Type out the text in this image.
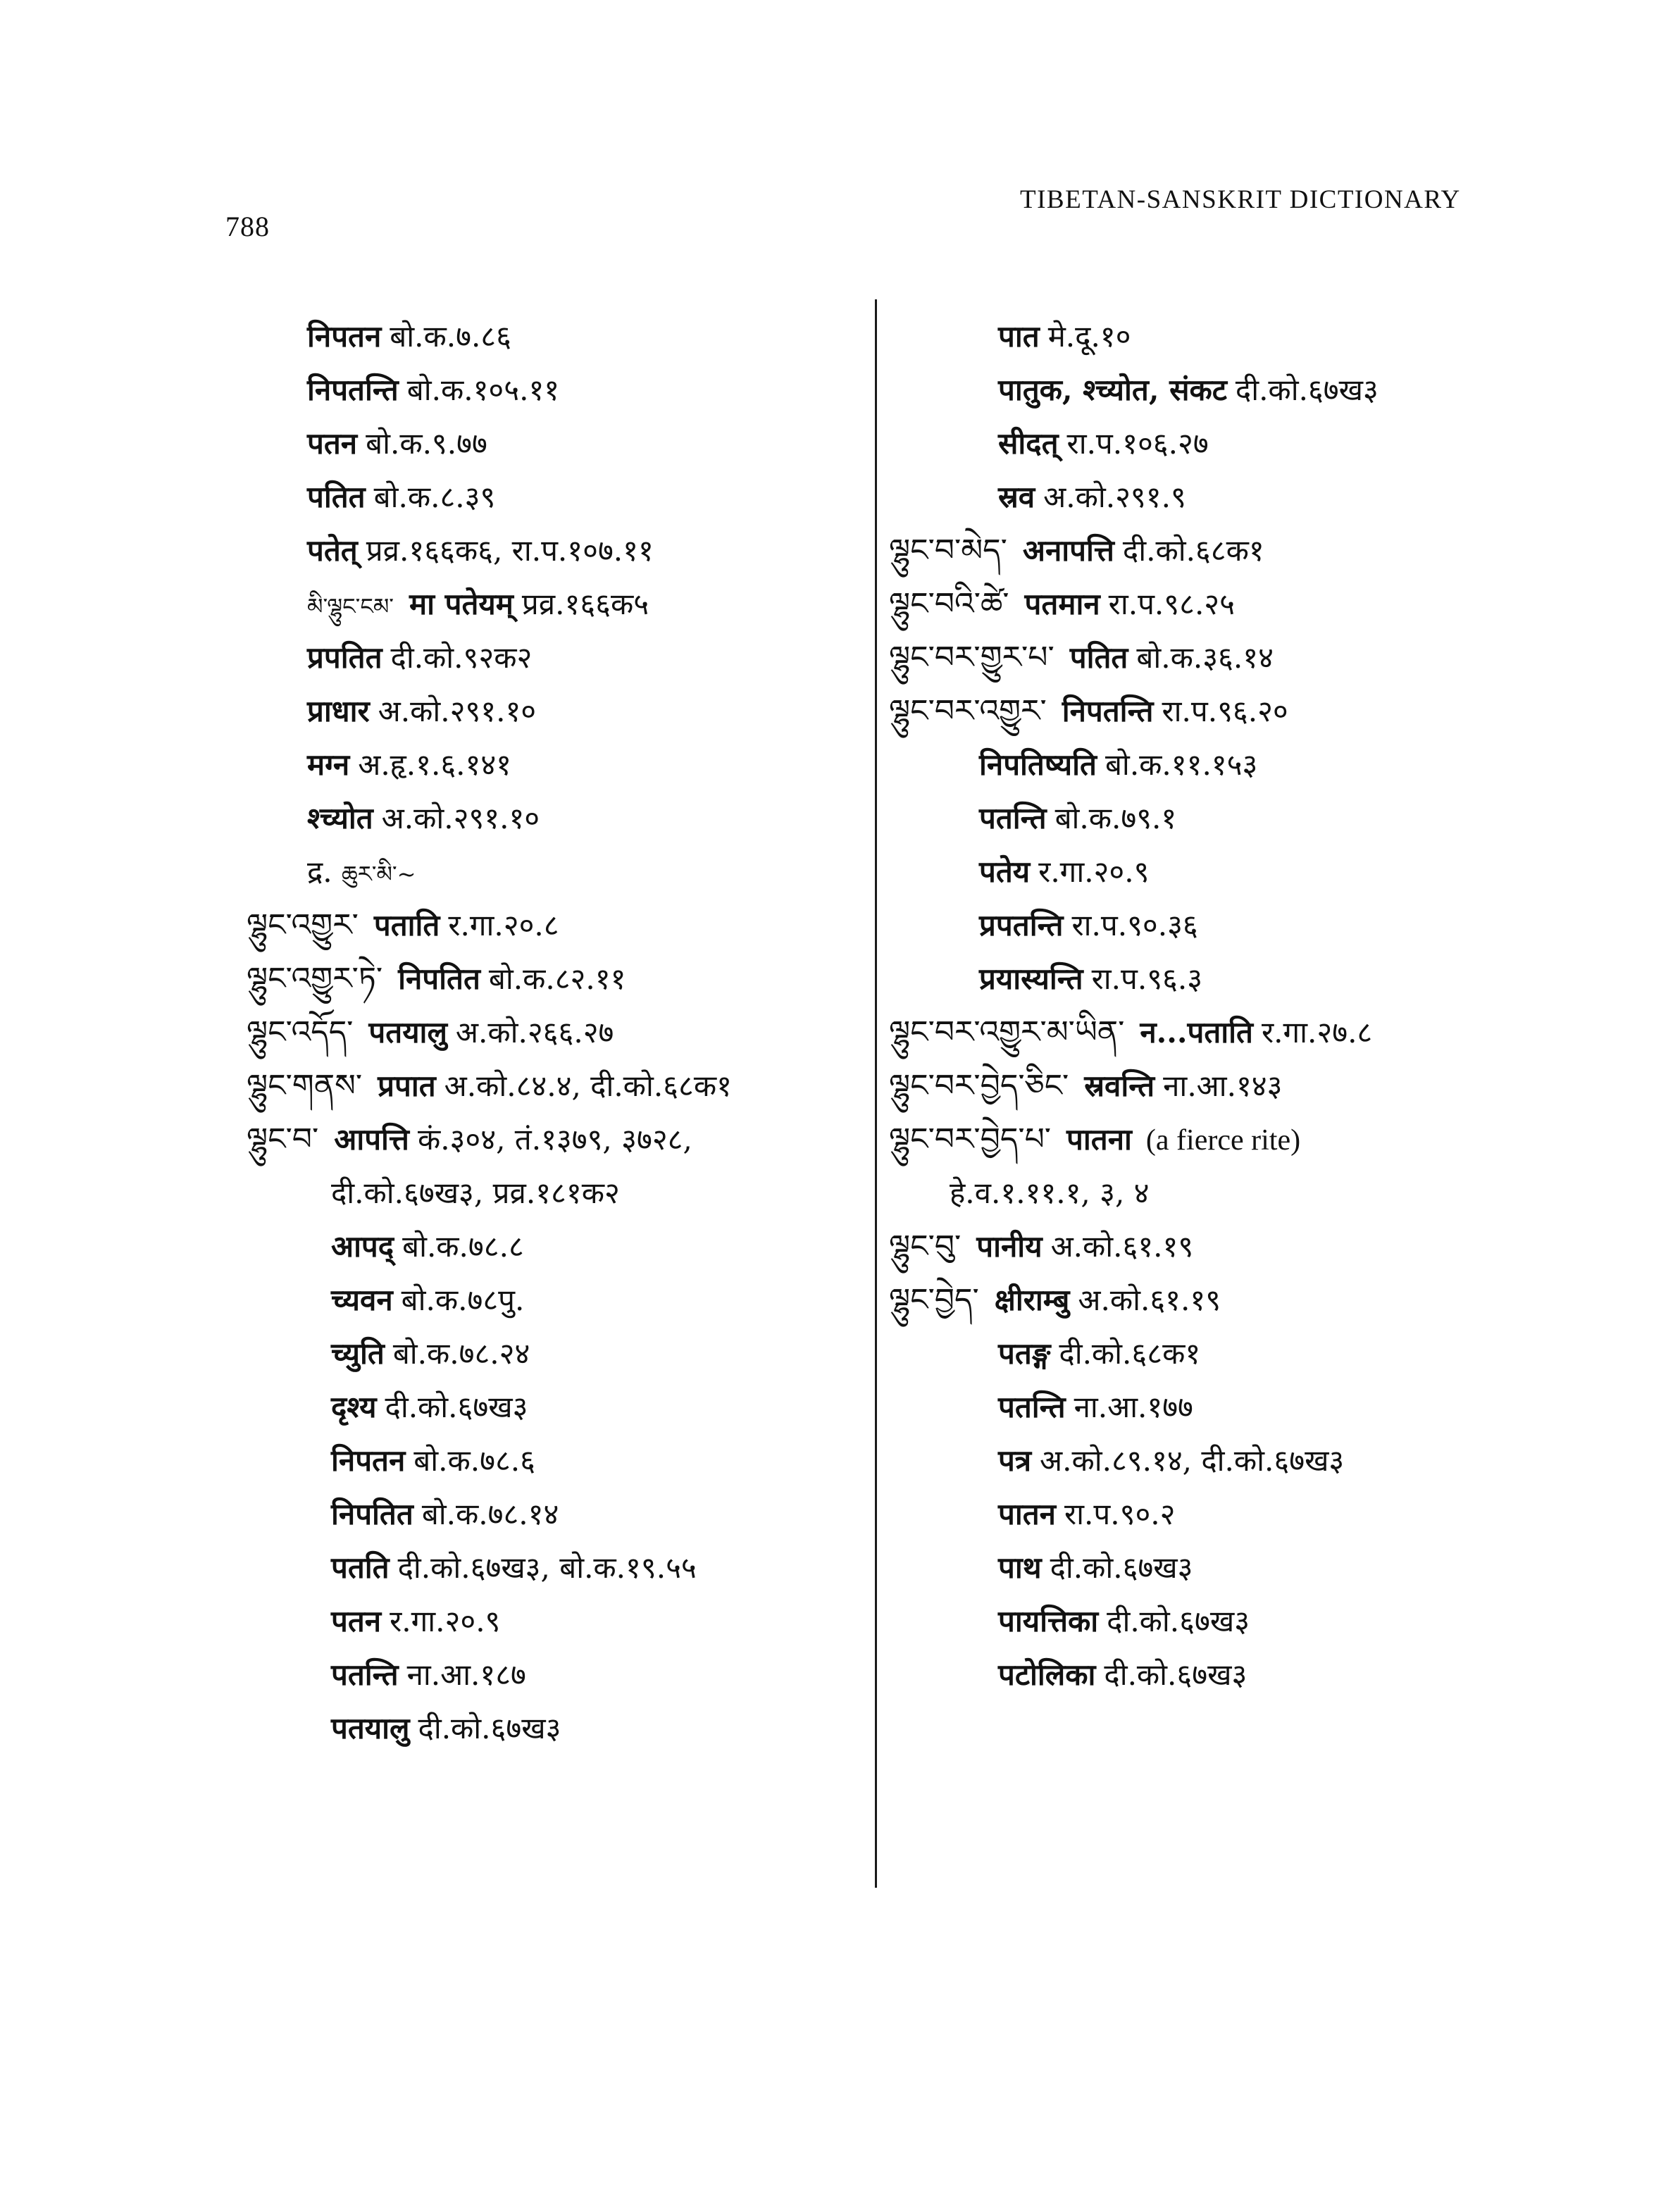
788
TIBETAN-SANSKRIT DICTIONARY
निपतन बो.क.७.८६
निपतन्ति बो.क.१०५.११
पतन बो.क.९.७७
पतित बो.क.८.३९
पतेत् प्रव्र.१६६क६, रा.प.१०७.११
མི་ལྷུང་ངམ་ मा पतेयम् प्रव्र.१६६क५
प्रपतित दी.को.९२क२
प्राधार अ.को.२९१.१०
मग्न अ.हृ.१.६.१४१
श्च्योत अ.को.२९१.१०
द्र. ཆུར་མི་~
ལྷུང་འགྱུར་ पताति र.गा.२०.८
ལྷུང་འགྱུར་ཏེ་ निपतित बो.क.८२.११
ལྷུང་འདོད་ पतयालु अ.को.२६६.२७
ལྷུང་གནས་ प्रपात अ.को.८४.४, दी.को.६८क१
ལྷུང་བ་ आपत्ति कं.३०४, तं.१३७९, ३७२८,
दी.को.६७ख३, प्रव्र.१८१क२
आपद् बो.क.७८.८
च्यवन बो.क.७८पु.
च्युति बो.क.७८.२४
दृश्य दी.को.६७ख३
निपतन बो.क.७८.६
निपतित बो.क.७८.१४
पतति दी.को.६७ख३, बो.क.१९.५५
पतन र.गा.२०.९
पतन्ति ना.आ.१८७
पतयालु दी.को.६७ख३
पात मे.दू.१०
पातुक, श्च्योत, संकट दी.को.६७ख३
सीदत् रा.प.१०६.२७
स्रव अ.को.२९१.९
ལྷུང་བ་མེད་ अनापत्ति दी.को.६८क१
ལྷུང་བའི་ཚེ་ पतमान रा.प.९८.२५
ལྷུང་བར་གྱུར་པ་ पतित बो.क.३६.१४
ལྷུང་བར་འགྱུར་ निपतन्ति रा.प.९६.२०
निपतिष्यति बो.क.११.१५३
पतन्ति बो.क.७९.१
पतेय र.गा.२०.९
प्रपतन्ति रा.प.९०.३६
प्रयास्यन्ति रा.प.९६.३
ལྷུང་བར་འགྱུར་མ་ཡིན་ न...पताति र.गा.२७.८
ལྷུང་བར་བྱེད་ཅིང་ स्रवन्ति ना.आ.१४३
ལྷུང་བར་བྱེད་པ་ पातना (a fierce rite)
हे.व.१.११.१, ३, ४
ལྷུང་བུ་ पानीय अ.को.६१.१९
ལྷུང་བྱེད་ क्षीराम्बु अ.को.६१.१९
पतङ्ग दी.को.६८क१
पतन्ति ना.आ.१७७
पत्र अ.को.८९.१४, दी.को.६७ख३
पातन रा.प.९०.२
पाथ दी.को.६७ख३
पायत्तिका दी.को.६७ख३
पटोलिका दी.को.६७ख३
